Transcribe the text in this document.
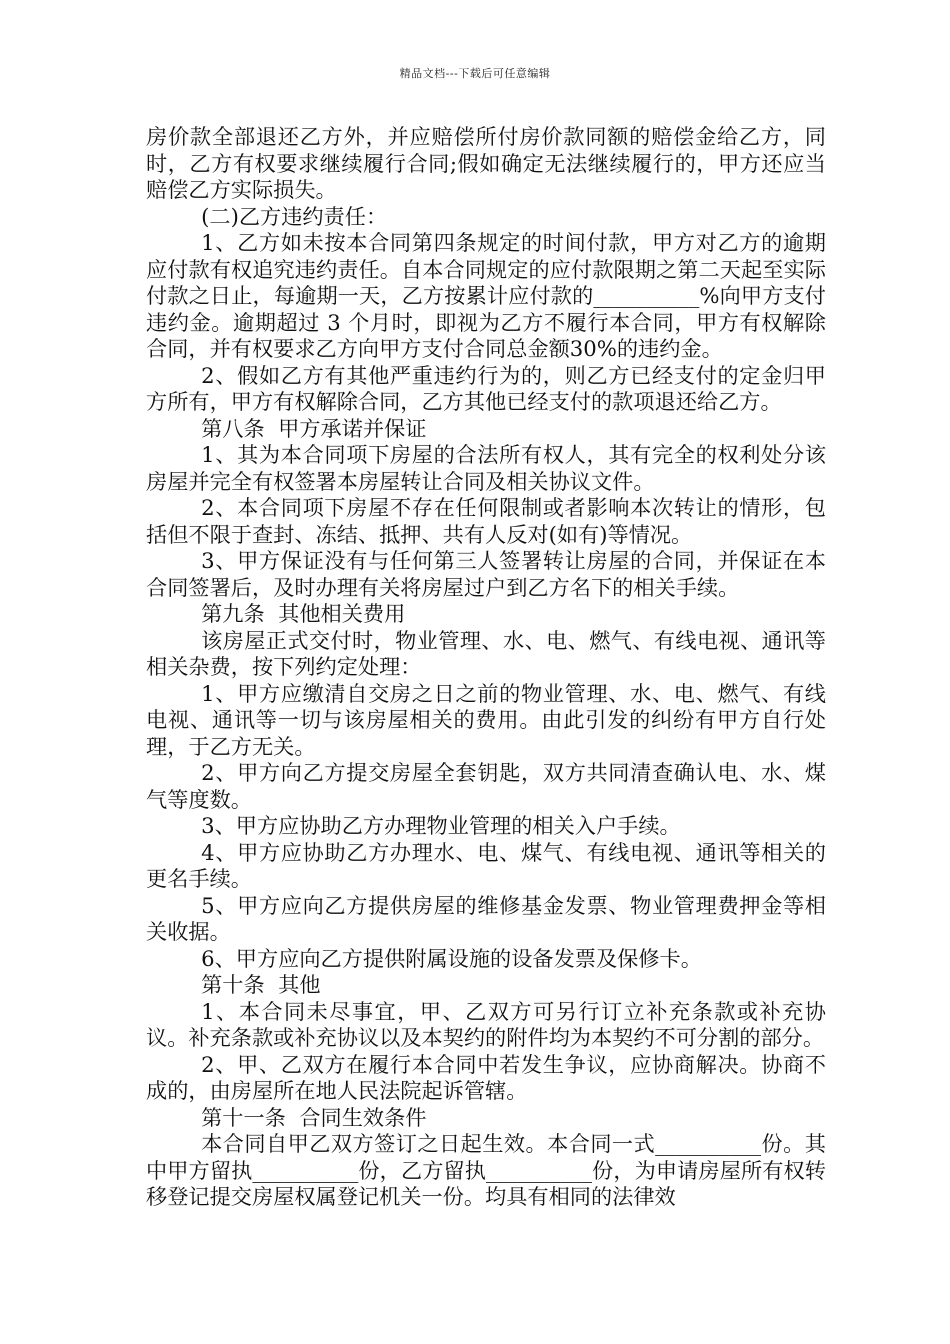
精品文档---下载后可任意编辑

房价款全部退还乙方外，并应赔偿所付房价款同额的赔偿金给乙方，同时，乙方有权要求继续履行合同;假如确定无法继续履行的，甲方还应当赔偿乙方实际损失。

(二)乙方违约责任：

1、乙方如未按本合同第四条规定的时间付款，甲方对乙方的逾期应付款有权追究违约责任。自本合同规定的应付款限期之第二天起至实际付款之日止，每逾期一天，乙方按累计应付款的__________%向甲方支付违约金。逾期超过 3 个月时，即视为乙方不履行本合同，甲方有权解除合同，并有权要求乙方向甲方支付合同总金额30%的违约金。

2、假如乙方有其他严重违约行为的，则乙方已经支付的定金归甲方所有，甲方有权解除合同，乙方其他已经支付的款项退还给乙方。

第八条  甲方承诺并保证

1、其为本合同项下房屋的合法所有权人，其有完全的权利处分该房屋并完全有权签署本房屋转让合同及相关协议文件。

2、本合同项下房屋不存在任何限制或者影响本次转让的情形，包括但不限于查封、冻结、抵押、共有人反对(如有)等情况。

3、甲方保证没有与任何第三人签署转让房屋的合同，并保证在本合同签署后，及时办理有关将房屋过户到乙方名下的相关手续。

第九条  其他相关费用

该房屋正式交付时，物业管理、水、电、燃气、有线电视、通讯等相关杂费，按下列约定处理：

1、甲方应缴清自交房之日之前的物业管理、水、电、燃气、有线电视、通讯等一切与该房屋相关的费用。由此引发的纠纷有甲方自行处理，于乙方无关。

2、甲方向乙方提交房屋全套钥匙，双方共同清查确认电、水、煤气等度数。

3、甲方应协助乙方办理物业管理的相关入户手续。

4、甲方应协助乙方办理水、电、煤气、有线电视、通讯等相关的更名手续。

5、甲方应向乙方提供房屋的维修基金发票、物业管理费押金等相关收据。

6、甲方应向乙方提供附属设施的设备发票及保修卡。

第十条  其他

1、本合同未尽事宜，甲、乙双方可另行订立补充条款或补充协议。补充条款或补充协议以及本契约的附件均为本契约不可分割的部分。

2、甲、乙双方在履行本合同中若发生争议，应协商解决。协商不成的，由房屋所在地人民法院起诉管辖。

第十一条  合同生效条件

本合同自甲乙双方签订之日起生效。本合同一式__________份。其中甲方留执__________份，乙方留执__________份，为申请房屋所有权转移登记提交房屋权属登记机关一份。均具有相同的法律效
